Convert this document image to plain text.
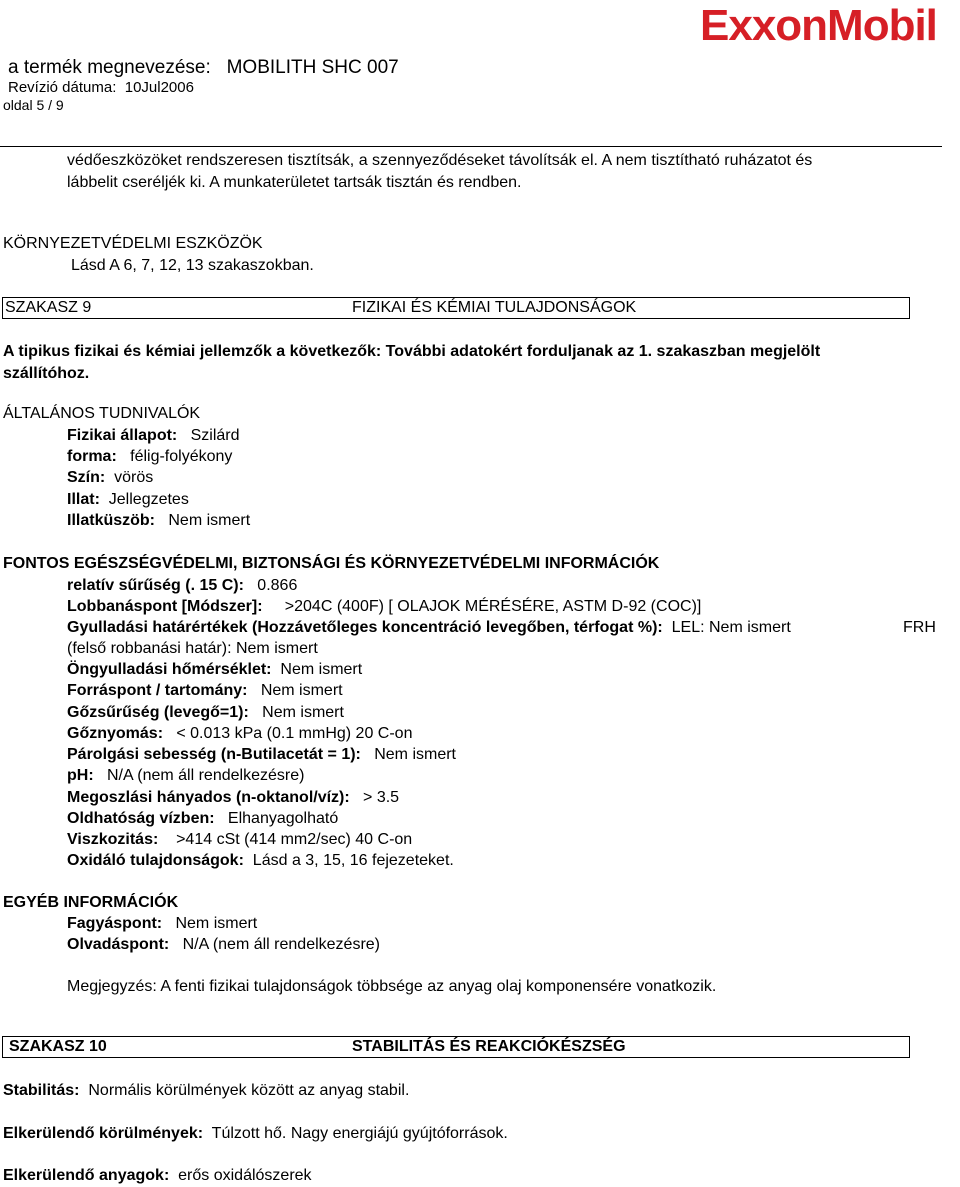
ExxonMobil
a termék megnevezése: MOBILITH SHC 007
Revízió dátuma: 10Jul2006
oldal 5 / 9
védőeszközöket rendszeresen tisztítsák, a szennyeződéseket távolítsák el. A nem tisztítható ruházatot és
lábbelit cseréljék ki. A munkaterületet tartsák tisztán és rendben.
KÖRNYEZETVÉDELMI ESZKÖZÖK
Lásd A 6, 7, 12, 13 szakaszokban.
SZAKASZ 9	FIZIKAI ÉS KÉMIAI TULAJDONSÁGOK
A tipikus fizikai és kémiai jellemzők a következők: További adatokért forduljanak az 1. szakaszban megjelölt
szállítóhoz.
ÁLTALÁNOS TUDNIVALÓK
Fizikai állapot: Szilárd
forma: félig-folyékony
Szín: vörös
Illat: Jellegzetes
Illatküszöb: Nem ismert
FONTOS EGÉSZSÉGVÉDELMI, BIZTONSÁGI ÉS KÖRNYEZETVÉDELMI INFORMÁCIÓK
relatív sűrűség (. 15 C): 0.866
Lobbanáspont [Módszer]: >204C (400F) [ OLAJOK MÉRÉSÉRE, ASTM D-92 (COC)]
Gyulladási határértékek (Hozzávetőleges koncentráció levegőben, térfogat %): LEL: Nem ismert	FRH
(felső robbanási határ): Nem ismert
Öngyulladási hőmérséklet: Nem ismert
Forráspont / tartomány: Nem ismert
Gőzsűrűség (levegő=1): Nem ismert
Gőznyomás: < 0.013 kPa (0.1 mmHg) 20 C-on
Párolgási sebesség (n-Butilacetát = 1): Nem ismert
pH: N/A (nem áll rendelkezésre)
Megoszlási hányados (n-oktanol/víz): > 3.5
Oldhatóság vízben: Elhanyagolható
Viszkozitás: >414 cSt (414 mm2/sec) 40 C-on
Oxidáló tulajdonságok: Lásd a 3, 15, 16 fejezeteket.
EGYÉB INFORMÁCIÓK
Fagyáspont: Nem ismert
Olvadáspont: N/A (nem áll rendelkezésre)
Megjegyzés: A fenti fizikai tulajdonságok többsége az anyag olaj komponensére vonatkozik.
SZAKASZ 10	STABILITÁS ÉS REAKCIÓKÉSZSÉG
Stabilitás: Normális körülmények között az anyag stabil.
Elkerülendő körülmények: Túlzott hő. Nagy energiájú gyújtóforrások.
Elkerülendő anyagok: erős oxidálószerek
